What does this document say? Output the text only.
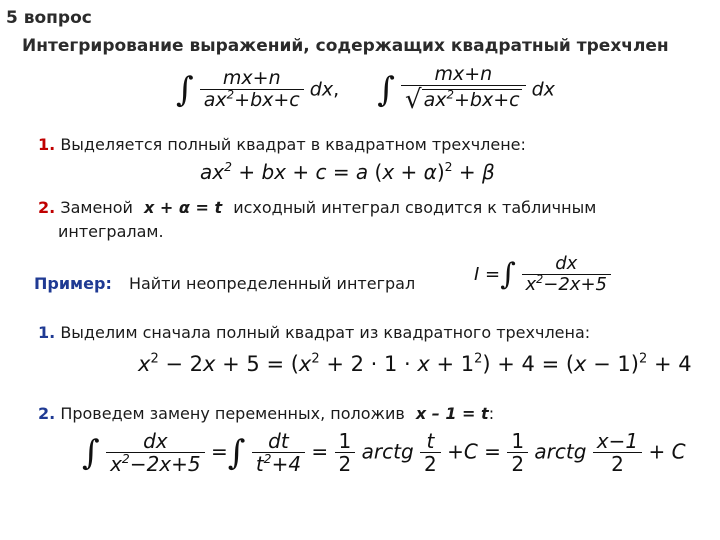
5 вопрос
Интегрирование выражений, содержащих квадратный трехчлен
∫ $\frac{mx+n}{ax^2+bx+c}$ dx,  ∫ $\frac{mx+n}{√ ax^2+bx+c}$ dx
1. Выделяется полный квадрат в квадратном трехчлене:
$ax^2$ + bx + c = a $(x + \alpha)^2 + \beta$
2. Заменой x + α = t исходный интеграл сводится к табличным
интегралам.
Пример: Найти неопределенный интеграл	I =∫ $\frac{dx}{x^2-2x+5}$
1. Выделим сначала полный квадрат из квадратного трехчлена:
$x^2 - 2x + 5 = (x^2 + 2 \cdot 1 \cdot x + 1^2) + 4 = (x - 1)^2 + 4$
2. Проведем замену переменных, положив x – 1 = t:
∫ $\frac{dx}{x^2-2x+5}$ =∫ $\frac{dt}{t^2+4} = \frac{1}{2}$ arctg $\frac{t}{2} +C = \frac{1}{2}$ arctg $\frac{x-1}{2} + C$
